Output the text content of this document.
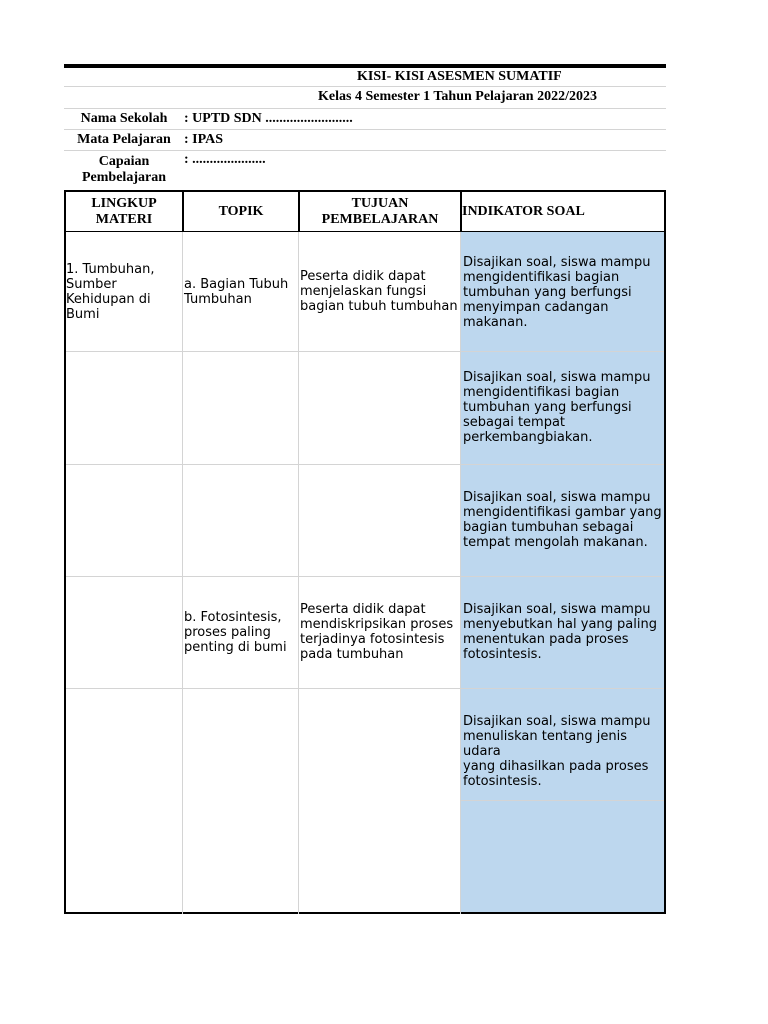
KISI- KISI ASESMEN SUMATIF
Kelas 4 Semester 1 Tahun Pelajaran 2022/2023
Nama Sekolah	: UPTD SDN .........................
Mata Pelajaran : IPAS
Capaian
Pembelajaran
: .....................
LINGKUP
MATERI
TOPIK
TUJUAN
PEMBELAJARAN
INDIKATOR SOAL
1. Tumbuhan,
Sumber
Kehidupan di
Bumi
a. Bagian Tubuh
Tumbuhan
Peserta didik dapat
menjelaskan fungsi
bagian tubuh tumbuhan
Disajikan soal, siswa mampu
mengidentifikasi bagian
tumbuhan yang berfungsi
menyimpan cadangan
makanan.
Disajikan soal, siswa mampu
mengidentifikasi bagian
tumbuhan yang berfungsi
sebagai tempat
perkembangbiakan.
Disajikan soal, siswa mampu
mengidentifikasi gambar yang
bagian tumbuhan sebagai
tempat mengolah makanan.
b. Fotosintesis,
proses paling
penting di bumi
Peserta didik dapat
mendiskripsikan proses
terjadinya fotosintesis
pada tumbuhan
Disajikan soal, siswa mampu
menyebutkan hal yang paling
menentukan pada proses
fotosintesis.
Disajikan soal, siswa mampu
menuliskan tentang jenis udara
yang dihasilkan pada proses
fotosintesis.
